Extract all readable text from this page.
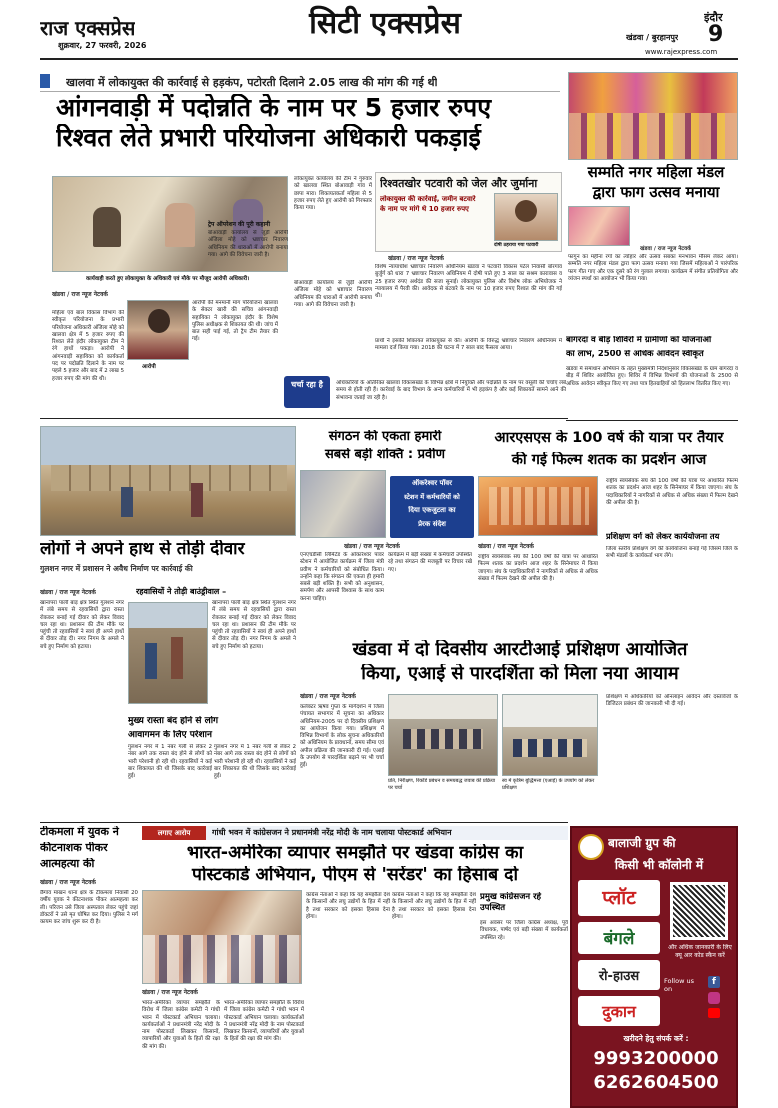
राज एक्सप्रेस
शुक्रवार, 27 फरवरी, 2026
सिटी एक्सप्रेस	इंदौर
9
खंडवा / बुरहानपुर
www.rajexpress.com
खालवा में लोकायुक्त की कार्रवाई से हड़कंप, पटोरती दिलाने 2.05 लाख की मांग की गई थी
आंगनवाड़ी में पदोन्नति के नाम पर 5 हजार रुपए
रिश्वत लेते प्रभारी परियोजना अधिकारी पकड़ाई
कार्यवाही करते हुए लोकायुक्त के अधिकारी एवं मौके पर मौजूद आरोपी अधिकारी।
खंडवा / राज न्यूज नेटवर्क
महिला एवं बाल विकास विभाग की स्वीकृत परियोजना के प्रभारी परियोजना अधिकारी अंजिला मोहे को खालवा क्षेत्र में 5 हजार रुपए की रिश्वत लेते इंदौर लोकायुक्त टीम ने रंगे हाथों पकड़ा। आरोपी ने आंगनवाड़ी सहायिका को कार्यकर्ता पद पर पदोन्नति दिलाने के नाम पर पहले 5 हजार और बाद में 2 लाख 5 हजार रुपए की मांग की थी।
आरोपी
आरोपी की मनमानी मांग परियोजना खालवा के सेक्टर खारी की सचिव आंगनवाड़ी सहायिका ने लोकायुक्त इंदौर के विशेष पुलिस अधीक्षक से शिकायत की थी। जांच में बात सही पाई गई, तो ट्रैप टीम तैयार की गई।
लोकायुक्त कार्यालय की टीम ने गुरुवार को खालवा स्थित बोआवाड़ी गांव में छापा मारा। शिकायतकर्ता महिला से 5 हजार रुपए लेते हुए आरोपी को गिरफ्तार किया गया।
बोआवाड़ी कार्यालय से जुड़ी आरोपी अंजिला मोहे को भ्रष्टाचार निवारण अधिनियम की धाराओं में आरोपी बनाया गया। आगे की विवेचना जारी है।
ट्रेप ऑपरेशन की पूरी कहानी
बोआवाड़ी कार्यालय से जुड़ी आरोपी अंजिला मोहे को भ्रष्टाचार निवारण अधिनियम की धाराओं में आरोपी बनाया गया। आगे की विवेचना जारी है।
रिश्वतखोर पटवारी को जेल और जुर्माना
लोकायुक्त की कार्रवाई, जमीन बटवारे
के नाम पर मांगे थे 10 हजार रुपए
दोषी ठहराया गया पटवारी
खंडवा / राज न्यूज नेटवर्क
विशेष न्यायाधीश भ्रष्टाचार निवारण अधिनियम खंडवा ने पटवारी विकास पटेल निवासी बोरगांव बुर्जुर्ग को धारा 7 भ्रष्टाचार निवारण अधिनियम में दोषी पाते हुए 3 साल का सश्रम कारावास व 25 हजार रुपए अर्थदंड की सजा सुनाई। लोकायुक्त पुलिस और विशेष लोक अभियोजक ने न्यायालय में पैरवी की। आवेदक से बंटवारे के नाम पर 10 हजार रुपए रिश्वत की मांग की गई थी।
प्रार्थी ने इसकी शिकायत लोकायुक्त से की। आरोपी के विरुद्ध भ्रष्टाचार निवारण अधिनियम में मामला दर्ज किया गया। 2018 की घटना में 7 साल बाद फैसला आया।
चर्चा रहा है	अधिकारियों के अतिरिक्त खालवा विकासखंड के विभिन्न क्षेत्रों में नियुक्ति और पदोन्नति के नाम पर वसूली की चर्चाएं लंबे समय से होती रही हैं। कार्रवाई के बाद विभाग के अन्य कर्मचारियों में भी हड़कंप है और कई शिकायतें सामने आने की संभावना जताई जा रही है।
सम्मति नगर महिला मंडल
द्वारा फाग उत्सव मनाया
खंडवा / राज न्यूज नेटवर्क
फागुन का महीना रंगों का त्योहार और उत्सव सबका मनभावन मौसम लेकर आया। सम्मति नगर महिला मंडल द्वारा फाग उत्सव मनाया गया जिसमें महिलाओं ने पारंपरिक फाग गीत गाए और एक दूसरे को रंग गुलाल लगाया। कार्यक्रम में संगीत प्रतियोगिता और व्यंजन स्पर्धा का आयोजन भी किया गया।
बागरदा व बीड़ शिविरों में ग्रामीणों को योजनाओं
का लाभ, 2500 से अधिक आवेदन स्वीकृत
खंडवा में समाधान अभियान के तहत मुख्यमंत्री निर्देशानुसार विकासखंड के ग्राम बागरदा व बीड़ में शिविर आयोजित हुए। शिविर में विभिन्न विभागों की योजनाओं के 2500 से अधिक आवेदन स्वीकृत किए गए तथा पात्र हितग्राहियों को हितलाभ वितरित किए गए।
लोगों ने अपने हाथ से तोड़ी दीवार
गुलशन नगर में प्रशासन ने अवैध निर्माण पर कार्रवाई की
खंडवा / राज न्यूज नेटवर्क
खानापरा पाली बाड़ क्षेत्र स्थित गुलशन नगर में लंबे समय से रहवासियों द्वारा रास्ता रोककर बनाई गई दीवार को लेकर विवाद चल रहा था। प्रशासन की टीम मौके पर पहुंची तो रहवासियों ने स्वयं ही अपने हाथों से दीवार तोड़ दी। नगर निगम के अमले ने बचे हुए निर्माण को हटाया।
रहवासियों ने तोड़ी बाउंड्रीवाल –
खानापरा पाली बाड़ क्षेत्र स्थित गुलशन नगर में लंबे समय से रहवासियों द्वारा रास्ता रोककर बनाई गई दीवार को लेकर विवाद चल रहा था। प्रशासन की टीम मौके पर पहुंची तो रहवासियों ने स्वयं ही अपने हाथों से दीवार तोड़ दी। नगर निगम के अमले ने बचे हुए निर्माण को हटाया।
मुख्य रास्ता बंद होने से लोग
आवागमन के लिए परेशान
गुलशन नगर में 1 नंबर गली से लेकर 2 नंबर आगे तक रास्ता बंद होने से लोगों को भारी परेशानी हो रही थी। रहवासियों ने कई बार शिकायत की थी जिसके बाद कार्रवाई हुई।
गुलशन नगर में 1 नंबर गली से लेकर 2 नंबर आगे तक रास्ता बंद होने से लोगों को भारी परेशानी हो रही थी। रहवासियों ने कई बार शिकायत की थी जिसके बाद कार्रवाई हुई।
संगठन की एकता हमारी
सबसे बड़ी शक्ति : प्रवीण
ऑकरेश्वर पॉवर
स्टेशन में कर्मचारियों को
दिया एकजुटता का
प्रेरक संदेश
खंडवा / राज न्यूज नेटवर्क
एनएचडीसी लिमिटेड के ओंकारेश्वर पावर स्टेशन में आयोजित कार्यक्रम में जिला मंत्री प्रवीण ने कर्मचारियों को संबोधित किया। उन्होंने कहा कि संगठन की एकता ही हमारी सबसे बड़ी शक्ति है। सभी को अनुशासन, समर्पण और आपसी विश्वास के साथ काम करना चाहिए।
कार्यक्रम में बड़ी संख्या में कर्मचारी उपस्थित रहे तथा संगठन की मजबूती पर विचार रखे गए।
आरएसएस के 100 वर्ष की यात्रा पर तैयार
की गई फिल्म शतक का प्रदर्शन आज
खंडवा / राज न्यूज नेटवर्क
राष्ट्रीय स्वयंसेवक संघ की 100 वर्षों की यात्रा पर आधारित फिल्म शतक का प्रदर्शन आज शहर के सिनेमाघर में किया जाएगा। संघ के पदाधिकारियों ने नागरिकों से अधिक से अधिक संख्या में फिल्म देखने की अपील की है।
राष्ट्रीय स्वयंसेवक संघ की 100 वर्षों की यात्रा पर आधारित फिल्म शतक का प्रदर्शन आज शहर के सिनेमाघर में किया जाएगा। संघ के पदाधिकारियों ने नागरिकों से अधिक से अधिक संख्या में फिल्म देखने की अपील की है।
प्रशिक्षण वर्ग को लेकर कार्ययोजना तय
जिला स्तरीय प्रशिक्षण वर्ग की कार्ययोजना बनाई गई जिसमें जिले के सभी मंडलों के कार्यकर्ता भाग लेंगे।
खंडवा में दो दिवसीय आरटीआई प्रशिक्षण आयोजित
किया, एआई से पारदर्शिता को मिला नया आयाम
खंडवा / राज न्यूज नेटवर्क
कलेक्टर ऋषव गुप्ता के मार्गदर्शन में जिला पंचायत सभागार में सूचना का अधिकार अधिनियम-2005 पर दो दिवसीय प्रशिक्षण का आयोजन किया गया। प्रशिक्षण में विभिन्न विभागों के लोक सूचना अधिकारियों को अधिनियम के प्रावधानों, समय सीमा एवं अपील प्रक्रिया की जानकारी दी गई। एआई के उपयोग से पारदर्शिता बढ़ाने पर भी चर्चा हुई।
प्रति, निरीक्षण, रिकॉर्ड प्रबंधन व समयबद्ध जवाब की प्रक्रिया पर चर्चा
स्व में कृत्रिम बुद्धिमत्ता (एआई) के उपयोग को लेकर प्रशिक्षण
प्रशिक्षण में अधिकारियों को ऑनलाइन आवेदन और दस्तावेजों के डिजिटल प्रबंधन की जानकारी भी दी गई।
टीकमला में युवक ने
कीटनाशक पीकर
आत्महत्या की
खंडवा / राज न्यूज नेटवर्क
छैगांव माखन थाना क्षेत्र के टीकमला निवासी 20 वर्षीय युवक ने कीटनाशक पीकर आत्महत्या कर ली। परिजन उसे जिला अस्पताल लेकर पहुंचे जहां डॉक्टरों ने उसे मृत घोषित कर दिया। पुलिस ने मर्ग कायम कर जांच शुरू कर दी है।
लगाए आरोप	गांधी भवन में कांग्रेसजन ने प्रधानमंत्री नरेंद्र मोदी के नाम चलाया पोस्टकार्ड अभियान
भारत-अमेरिका व्यापार समझौते पर खंडवा कांग्रेस का
पोस्टकार्ड अभियान, पीएम से 'सरेंडर' का हिसाब दो
खंडवा / राज न्यूज नेटवर्क
भारत-अमेरिका व्यापार समझौते के विरोध में जिला कांग्रेस कमेटी ने गांधी भवन में पोस्टकार्ड अभियान चलाया। कार्यकर्ताओं ने प्रधानमंत्री नरेंद्र मोदी के नाम पोस्टकार्ड लिखकर किसानों, व्यापारियों और युवाओं के हितों की रक्षा की मांग की।
भारत-अमेरिका व्यापार समझौते के विरोध में जिला कांग्रेस कमेटी ने गांधी भवन में पोस्टकार्ड अभियान चलाया। कार्यकर्ताओं ने प्रधानमंत्री नरेंद्र मोदी के नाम पोस्टकार्ड लिखकर किसानों, व्यापारियों और युवाओं के हितों की रक्षा की मांग की।
कांग्रेस नेताओं ने कहा कि यह समझौता देश के किसानों और लघु उद्योगों के हित में नहीं है तथा सरकार को इसका हिसाब देना होगा।
कांग्रेस नेताओं ने कहा कि यह समझौता देश के किसानों और लघु उद्योगों के हित में नहीं है तथा सरकार को इसका हिसाब देना होगा।
प्रमुख कांग्रेसजन रहे उपस्थित
इस अवसर पर जिला कांग्रेस अध्यक्ष, पूर्व विधायक, पार्षद एवं बड़ी संख्या में कार्यकर्ता उपस्थित रहे।
बालाजी ग्रुप की
किसी भी कॉलोनी में
प्लॉट
बंगले
रो-हाउस
दुकान
और अधिक जानकारी के लिए क्यू आर कोड स्कैन करें
Follow us on
f
खरीदने हेतु संपर्क करें :
9993200000
6262604500
